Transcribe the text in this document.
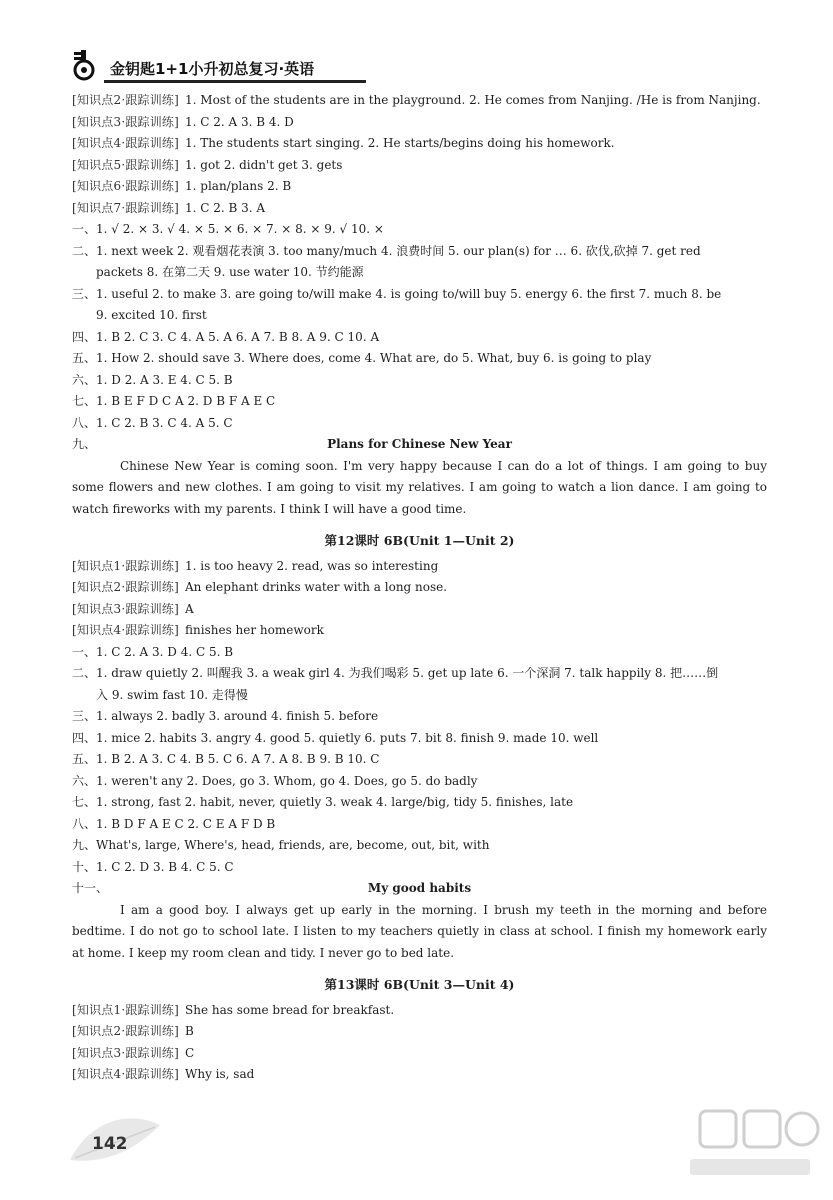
金钥匙1+1小升初总复习·英语
[知识点2·跟踪训练] 1. Most of the students are in the playground. 2. He comes from Nanjing. /He is from Nanjing.
[知识点3·跟踪训练] 1. C 2. A 3. B 4. D
[知识点4·跟踪训练] 1. The students start singing. 2. He starts/begins doing his homework.
[知识点5·跟踪训练] 1. got 2. didn't get 3. gets
[知识点6·跟踪训练] 1. plan/plans 2. B
[知识点7·跟踪训练] 1. C 2. B 3. A
一、1. √ 2. × 3. √ 4. × 5. × 6. × 7. × 8. × 9. √ 10. ×
二、1. next week 2. 观看烟花表演 3. too many/much 4. 浪费时间 5. our plan(s) for … 6. 砍伐,砍掉 7. get red
packets 8. 在第二天 9. use water 10. 节约能源
三、1. useful 2. to make 3. are going to/will make 4. is going to/will buy 5. energy 6. the first 7. much 8. be
9. excited 10. first
四、1. B 2. C 3. C 4. A 5. A 6. A 7. B 8. A 9. C 10. A
五、1. How 2. should save 3. Where does, come 4. What are, do 5. What, buy 6. is going to play
六、1. D 2. A 3. E 4. C 5. B
七、1. B E F D C A 2. D B F A E C
八、1. C 2. B 3. C 4. A 5. C
九、	Plans for Chinese New Year
Chinese New Year is coming soon. I'm very happy because I can do a lot of things. I am going to buy some flowers and new clothes. I am going to visit my relatives. I am going to watch a lion dance. I am going to watch fireworks with my parents. I think I will have a good time.
第12课时 6B(Unit 1—Unit 2)
[知识点1·跟踪训练] 1. is too heavy 2. read, was so interesting
[知识点2·跟踪训练] An elephant drinks water with a long nose.
[知识点3·跟踪训练] A
[知识点4·跟踪训练] finishes her homework
一、1. C 2. A 3. D 4. C 5. B
二、1. draw quietly 2. 叫醒我 3. a weak girl 4. 为我们喝彩 5. get up late 6. 一个深洞 7. talk happily 8. 把……倒
入 9. swim fast 10. 走得慢
三、1. always 2. badly 3. around 4. finish 5. before
四、1. mice 2. habits 3. angry 4. good 5. quietly 6. puts 7. bit 8. finish 9. made 10. well
五、1. B 2. A 3. C 4. B 5. C 6. A 7. A 8. B 9. B 10. C
六、1. weren't any 2. Does, go 3. Whom, go 4. Does, go 5. do badly
七、1. strong, fast 2. habit, never, quietly 3. weak 4. large/big, tidy 5. finishes, late
八、1. B D F A E C 2. C E A F D B
九、What's, large, Where's, head, friends, are, become, out, bit, with
十、1. C 2. D 3. B 4. C 5. C
十一、	My good habits
I am a good boy. I always get up early in the morning. I brush my teeth in the morning and before bedtime. I do not go to school late. I listen to my teachers quietly in class at school. I finish my homework early at home. I keep my room clean and tidy. I never go to bed late.
第13课时 6B(Unit 3—Unit 4)
[知识点1·跟踪训练] She has some bread for breakfast.
[知识点2·跟踪训练] B
[知识点3·跟踪训练] C
[知识点4·跟踪训练] Why is, sad
142
